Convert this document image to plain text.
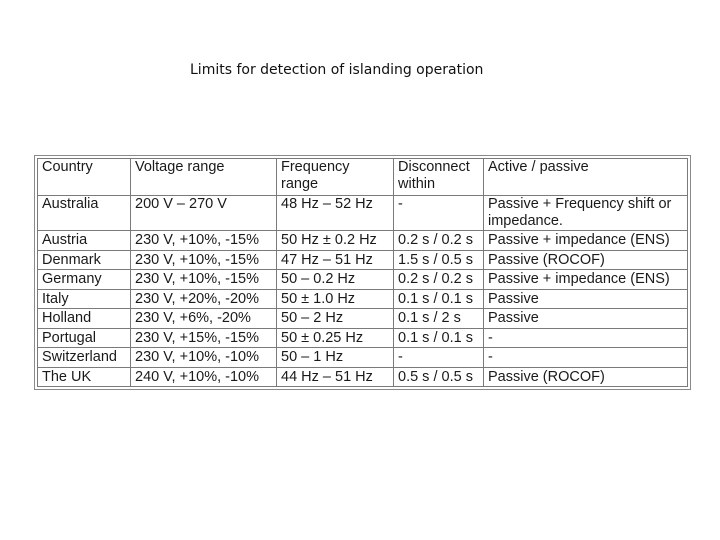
Limits for detection of islanding operation
Country	Voltage range	Frequency range	Disconnect within	Active / passive
Australia	200 V – 270 V	48 Hz – 52 Hz	-	Passive + Frequency shift or impedance.
Austria	230 V, +10%, -15%	50 Hz ± 0.2 Hz	0.2 s / 0.2 s	Passive + impedance (ENS)
Denmark	230 V, +10%, -15%	47 Hz – 51 Hz	1.5 s / 0.5 s	Passive (ROCOF)
Germany	230 V, +10%, -15%	50 – 0.2 Hz	0.2 s / 0.2 s	Passive + impedance (ENS)
Italy	230 V, +20%, -20%	50 ± 1.0 Hz	0.1 s / 0.1 s	Passive
Holland	230 V, +6%, -20%	50 – 2 Hz	0.1 s / 2 s	Passive
Portugal	230 V, +15%, -15%	50 ± 0.25 Hz	0.1 s / 0.1 s	-
Switzerland	230 V, +10%, -10%	50 – 1 Hz	-	-
The UK	240 V, +10%, -10%	44 Hz – 51 Hz	0.5 s / 0.5 s	Passive (ROCOF)
